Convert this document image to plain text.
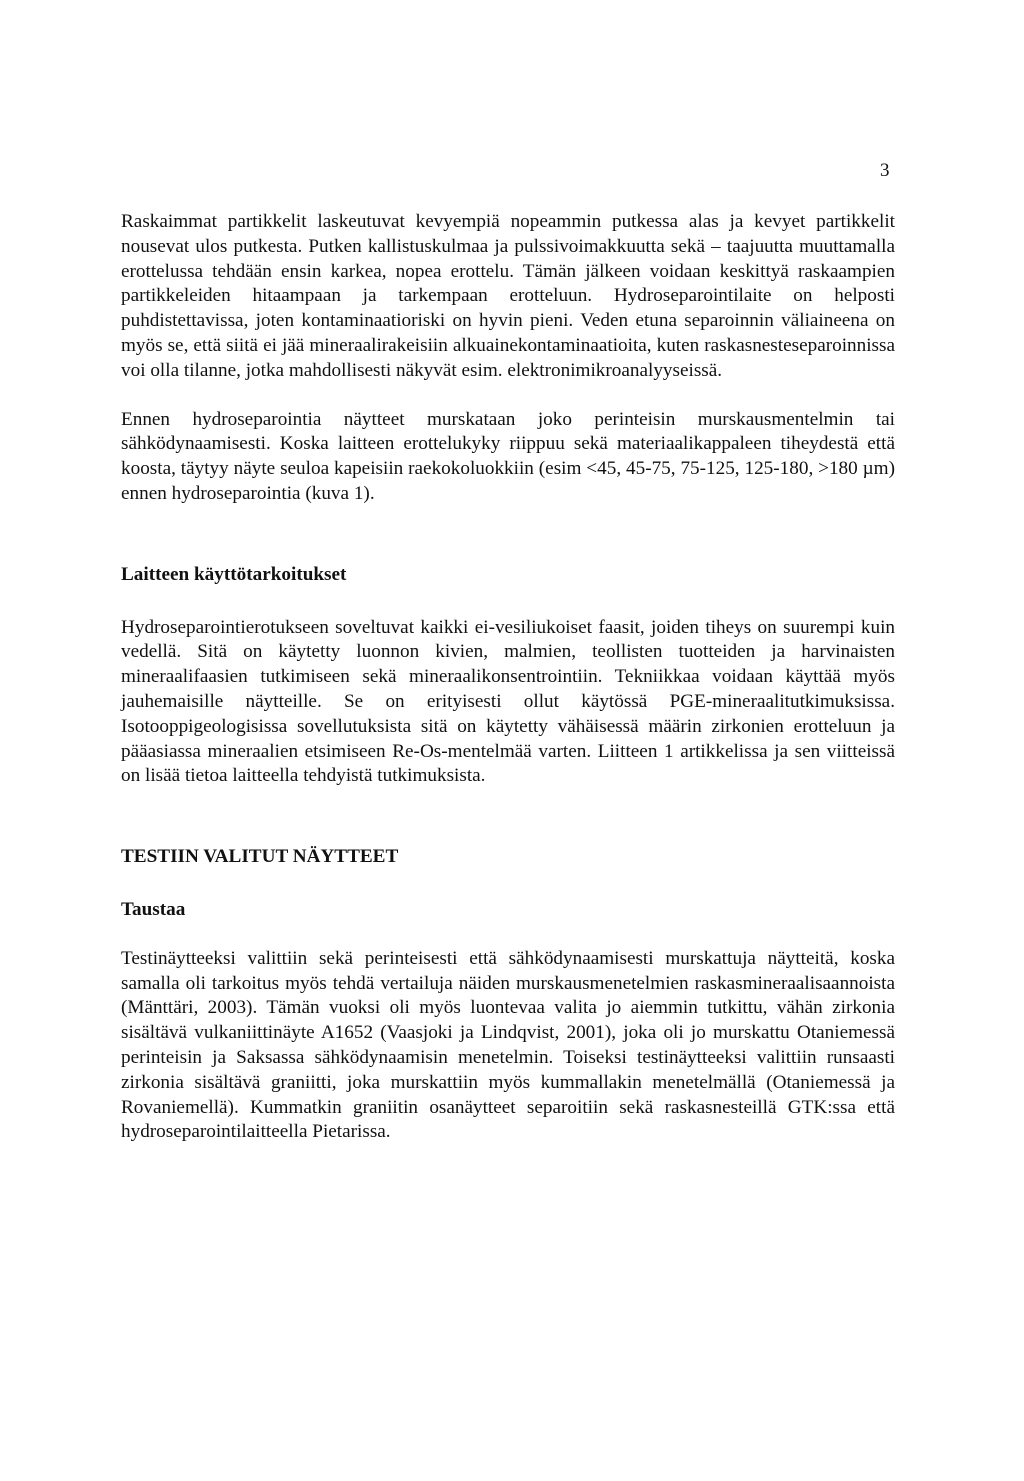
3

Raskaimmat partikkelit laskeutuvat kevyempiä nopeammin putkessa alas ja kevyet partikkelit nousevat ulos putkesta. Putken kallistuskulmaa ja pulssivoimakkuutta sekä – taajuutta muuttamalla erottelussa tehdään ensin karkea, nopea erottelu. Tämän jälkeen voidaan keskittyä raskaampien partikkeleiden hitaampaan ja tarkempaan erotteluun. Hydroseparointilaite on helposti puhdistettavissa, joten kontaminaatioriski on hyvin pieni. Veden etuna separoinnin väliaineena on myös se, että siitä ei jää mineraalirakeisiin alkuainekontaminaatioita, kuten raskasnesteseparoinnissa voi olla tilanne, jotka mahdollisesti näkyvät esim. elektronimikroanalyyseissä.

Ennen hydroseparointia näytteet murskataan joko perinteisin murskausmentelmin tai sähködynaamisesti. Koska laitteen erottelukyky riippuu sekä materiaalikappaleen tiheydestä että koosta, täytyy näyte seuloa kapeisiin raekokoluokkiin (esim <45, 45-75, 75-125, 125-180, >180 µm) ennen hydroseparointia (kuva 1).

Laitteen käyttötarkoitukset

Hydroseparointierotukseen soveltuvat kaikki ei-vesiliukoiset faasit, joiden tiheys on suurempi kuin vedellä. Sitä on käytetty luonnon kivien, malmien, teollisten tuotteiden ja harvinaisten mineraalifaasien tutkimiseen sekä mineraalikonsentrointiin. Tekniikkaa voidaan käyttää myös jauhemaisille näytteille. Se on erityisesti ollut käytössä PGE-mineraalitutkimuksissa. Isotooppigeologisissa sovellutuksista sitä on käytetty vähäisessä määrin zirkonien erotteluun ja pääasiassa mineraalien etsimiseen Re-Os-mentelmää varten. Liitteen 1 artikkelissa ja sen viitteissä on lisää tietoa laitteella tehdyistä tutkimuksista.

TESTIIN VALITUT NÄYTTEET
Taustaa

Testinäytteeksi valittiin sekä perinteisesti että sähködynaamisesti murskattuja näytteitä, koska samalla oli tarkoitus myös tehdä vertailuja näiden murskausmenetelmien raskasmineraalisaannoista (Mänttäri, 2003). Tämän vuoksi oli myös luontevaa valita jo aiemmin tutkittu, vähän zirkonia sisältävä vulkaniittinäyte A1652 (Vaasjoki ja Lindqvist, 2001), joka oli jo murskattu Otaniemessä perinteisin ja Saksassa sähködynaamisin menetelmin. Toiseksi testinäytteeksi valittiin runsaasti zirkonia sisältävä graniitti, joka murskattiin myös kummallakin menetelmällä (Otaniemessä ja Rovaniemellä). Kummatkin graniitin osanäytteet separoitiin sekä raskasnesteillä GTK:ssa että hydroseparointilaitteella Pietarissa.
